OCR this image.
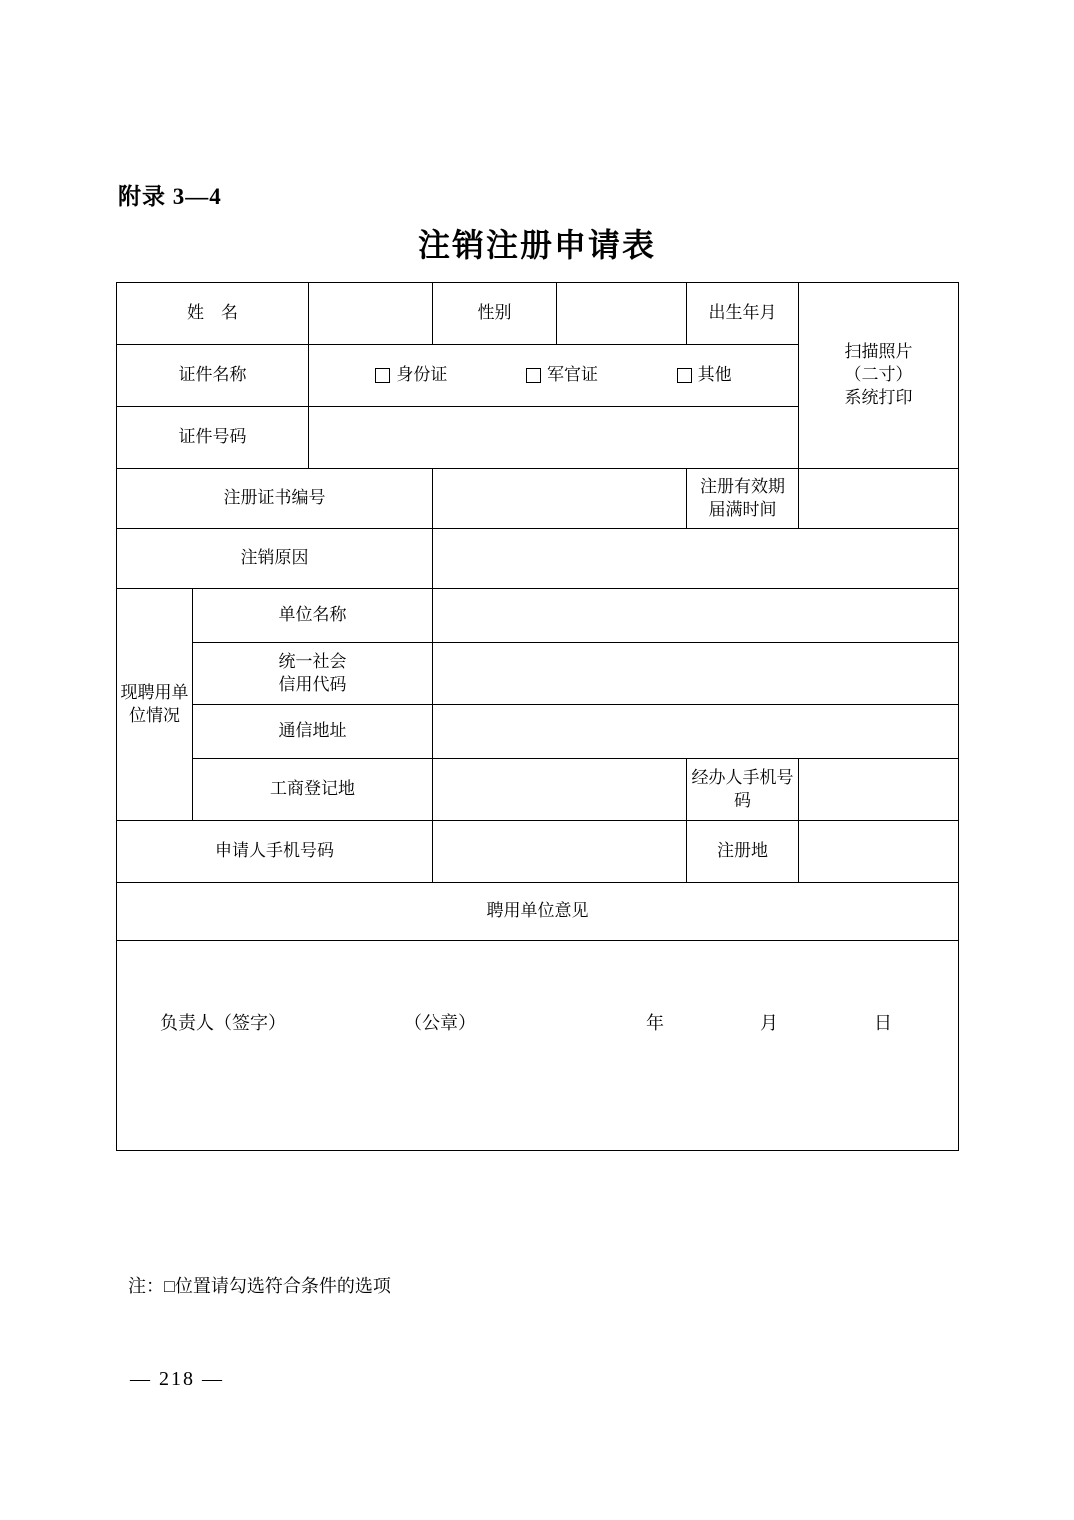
附录 3—4
注销注册申请表
姓　名			性别		出生年月	扫描照片
（二寸）
系统打印

证件名称		身份证 军官证 其他				

证件号码						
注册证书编号					注册有效期
届满时间	

注销原因						

现聘用单
位情况	单位名称					

	统一社会
信用代码					

	通信地址					
	工商登记地				经办人手机号码	
申请人手机号码					注册地	
聘用单位意见						

负责人（签字） （公章） 年　　月　　日						
注：□位置请勾选符合条件的选项
— 218 —
